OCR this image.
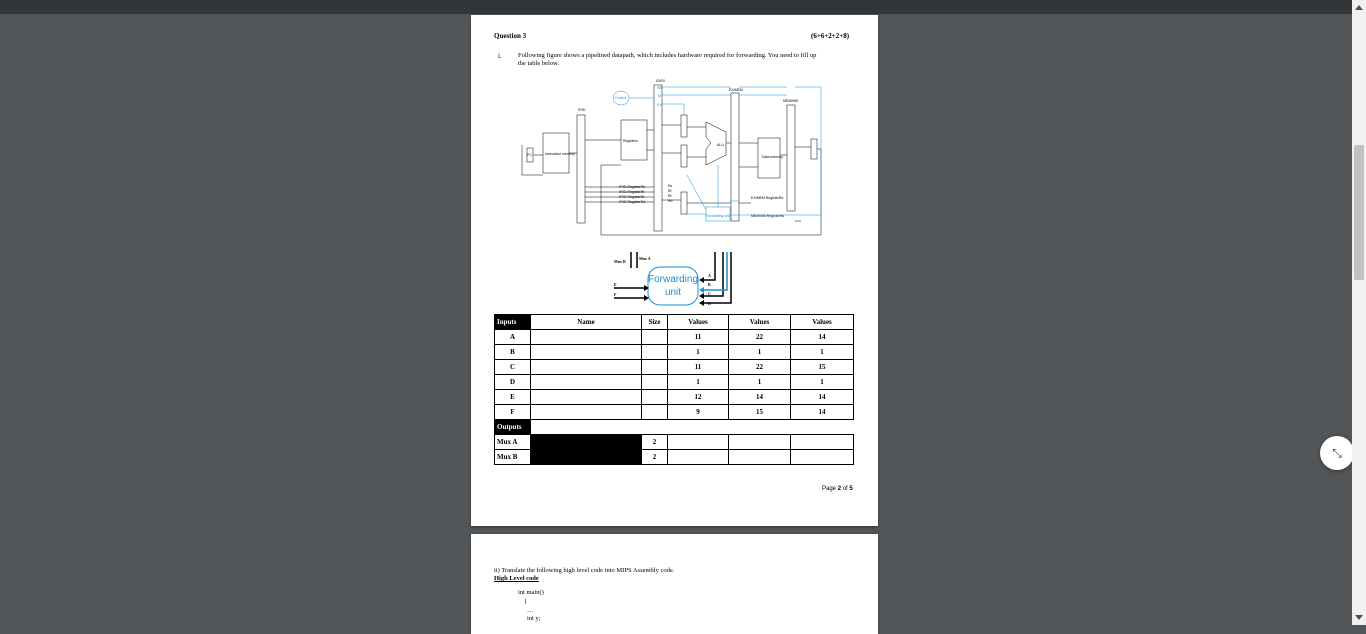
Question 3	(6+6+2+2+8)
i.	Following figure shows a pipelined datapath, which includes hardware required for forwarding. You need to fill up
the table below.
ID/EX
EX/MEM
MEM/WB
IF/ID
PC	Instruction memory
Registers
ALU
Data memory
IF/ID.RegisterRs
IF/ID.RegisterRt
IF/ID.RegisterRt
IF/ID.RegisterRd
Rs
Rt
Rt
Rd
EX/MEM.RegisterRd
MEM/WB.RegisterRd
Control
WB
M
EX
Forwarding unit
Mux B
Mux A
A
B
C
D
E
F
Forwarding
unit
Inputs	Name	Size	Values	Values	Values
A			11	22	14
B			1	1	1
C			11	22	15
D			1	1	1
E			12	14	14
F			9	15	14
Outputs					
Mux A		2			
Mux B		2			
Page 2 of 5
ii) Translate the following high level code into MIPS Assembly code.
High Level code
int main()
{
…
int y;
⤡
